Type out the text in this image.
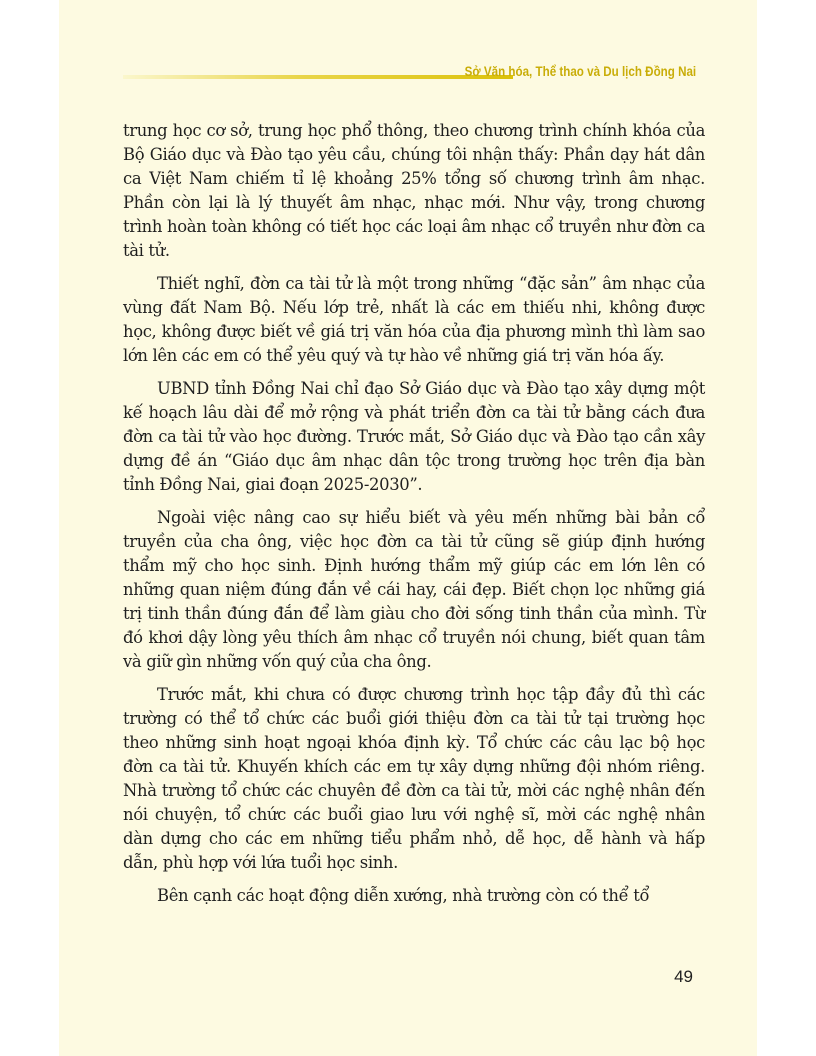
Sở Văn hóa, Thể thao và Du lịch Đồng Nai

trung học cơ sở, trung học phổ thông, theo chương trình chính khóa của Bộ Giáo dục và Đào tạo yêu cầu, chúng tôi nhận thấy: Phần dạy hát dân ca Việt Nam chiếm tỉ lệ khoảng 25% tổng số chương trình âm nhạc. Phần còn lại là lý thuyết âm nhạc, nhạc mới. Như vậy, trong chương trình hoàn toàn không có tiết học các loại âm nhạc cổ truyền như đờn ca tài tử.

Thiết nghĩ, đờn ca tài tử là một trong những “đặc sản” âm nhạc của vùng đất Nam Bộ. Nếu lớp trẻ, nhất là các em thiếu nhi, không được học, không được biết về giá trị văn hóa của địa phương mình thì làm sao lớn lên các em có thể yêu quý và tự hào về những giá trị văn hóa ấy.

UBND tỉnh Đồng Nai chỉ đạo Sở Giáo dục và Đào tạo xây dựng một kế hoạch lâu dài để mở rộng và phát triển đờn ca tài tử bằng cách đưa đờn ca tài tử vào học đường. Trước mắt, Sở Giáo dục và Đào tạo cần xây dựng đề án “Giáo dục âm nhạc dân tộc trong trường học trên địa bàn tỉnh Đồng Nai, giai đoạn 2025-2030”.

Ngoài việc nâng cao sự hiểu biết và yêu mến những bài bản cổ truyền của cha ông, việc học đờn ca tài tử cũng sẽ giúp định hướng thẩm mỹ cho học sinh. Định hướng thẩm mỹ giúp các em lớn lên có những quan niệm đúng đắn về cái hay, cái đẹp. Biết chọn lọc những giá trị tinh thần đúng đắn để làm giàu cho đời sống tinh thần của mình. Từ đó khơi dậy lòng yêu thích âm nhạc cổ truyền nói chung, biết quan tâm và giữ gìn những vốn quý của cha ông.

Trước mắt, khi chưa có được chương trình học tập đầy đủ thì các trường có thể tổ chức các buổi giới thiệu đờn ca tài tử tại trường học theo những sinh hoạt ngoại khóa định kỳ. Tổ chức các câu lạc bộ học đờn ca tài tử. Khuyến khích các em tự xây dựng những đội nhóm riêng. Nhà trường tổ chức các chuyên đề đờn ca tài tử, mời các nghệ nhân đến nói chuyện, tổ chức các buổi giao lưu với nghệ sĩ, mời các nghệ nhân dàn dựng cho các em những tiểu phẩm nhỏ, dễ học, dễ hành và hấp dẫn, phù hợp với lứa tuổi học sinh.

Bên cạnh các hoạt động diễn xướng, nhà trường còn có thể tổ

49
